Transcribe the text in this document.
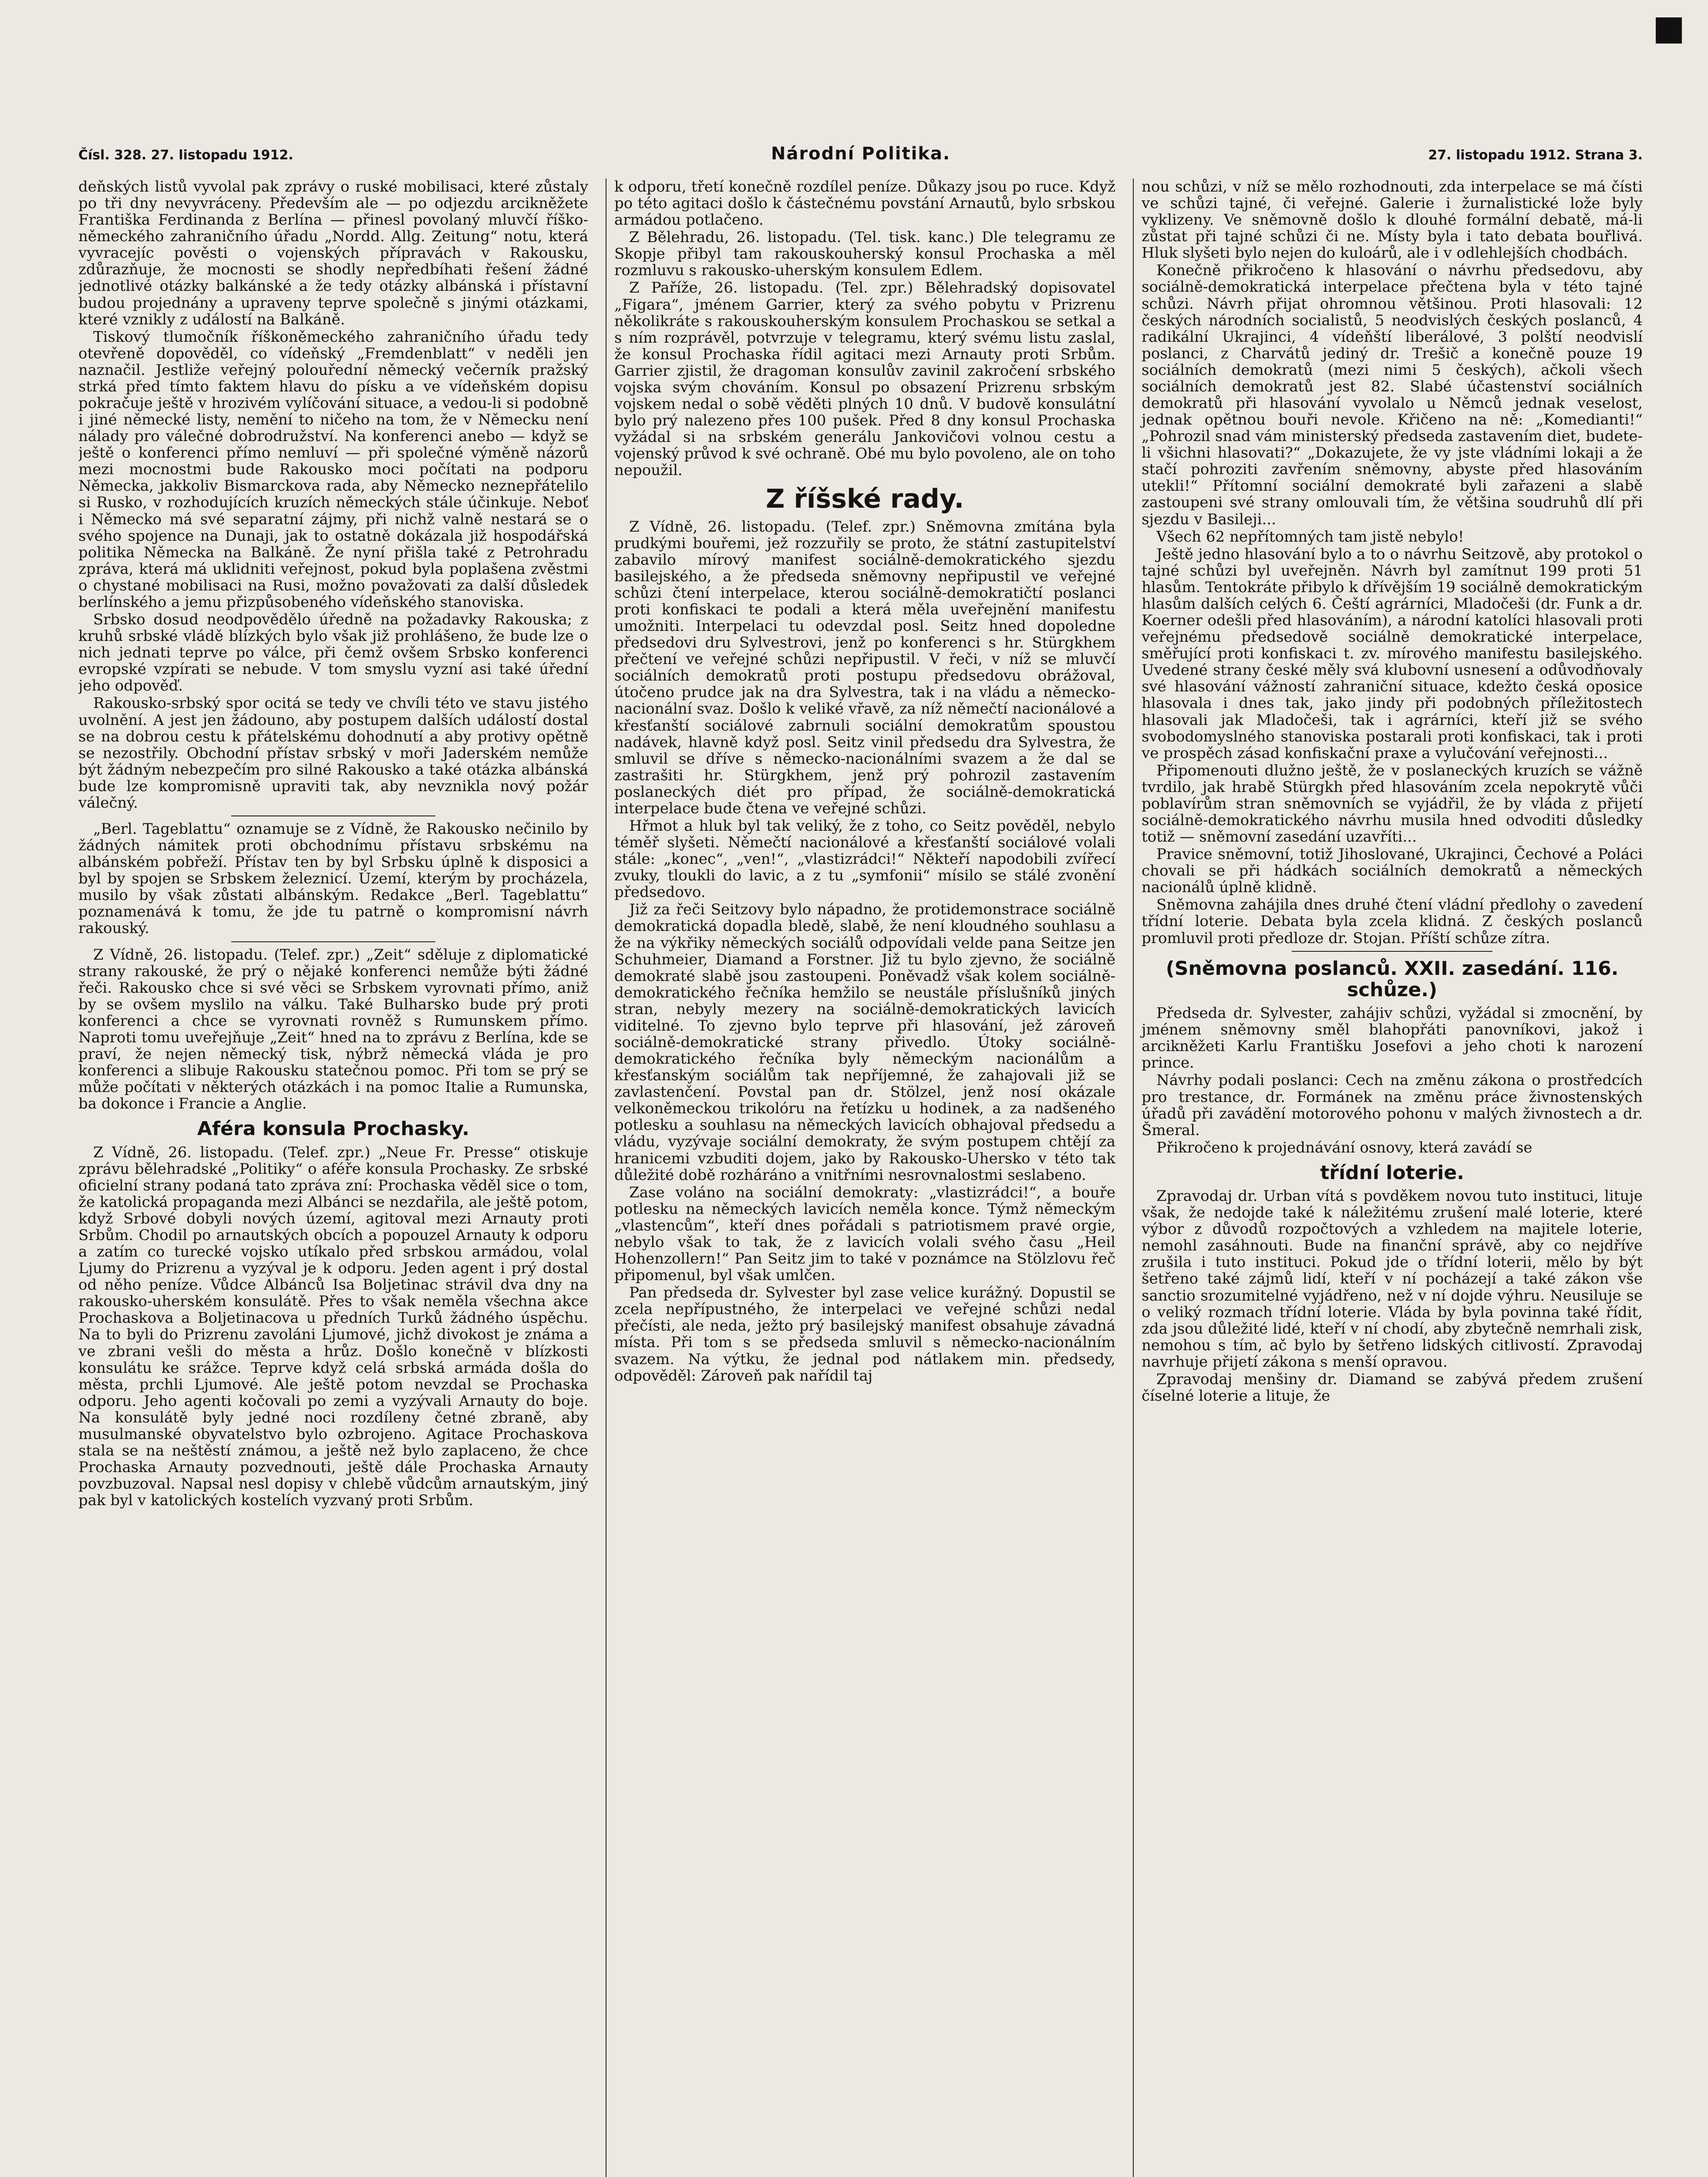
Čísl. 328. 27. listopadu 1912.	Národní Politika.	27. listopadu 1912. Strana 3.

deňských listů vyvolal pak zprávy o ruské mobilisaci, které zůstaly po tři dny nevyvráceny. Především ale — po odjezdu arcikněžete Františka Ferdinanda z Berlína — přinesl povolaný mluvčí říško-německého zahraničního úřadu „Nordd. Allg. Zeitung“ notu, která vyvracejíc pověsti o vojenských přípravách v Rakousku, zdůrazňuje, že mocnosti se shodly nepředbíhati řešení žádné jednotlivé otázky balkánské a že tedy otázky albánská i přístavní budou projednány a upraveny teprve společně s jinými otázkami, které vznikly z událostí na Balkáně.

Tiskový tlumočník říškoněmeckého zahraničního úřadu tedy otevřeně dopověděl, co vídeňský „Fremdenblatt“ v neděli jen naznačil. Jestliže veřejný polouřední německý večerník pražský strká před tímto faktem hlavu do písku a ve vídeňském dopisu pokračuje ještě v hrozivém vylíčování situace, a vedou-li si podobně i jiné německé listy, nemění to ničeho na tom, že v Německu není nálady pro válečné dobrodružství. Na konferenci anebo — když se ještě o konferenci přímo nemluví — při společné výměně názorů mezi mocnostmi bude Rakousko moci počítati na podporu Německa, jakkoliv Bismarckova rada, aby Německo neznepřátelilo si Rusko, v rozhodujících kruzích německých stále účinkuje. Neboť i Německo má své separatní zájmy, při nichž valně nestará se o svého spojence na Dunaji, jak to ostatně dokázala již hospodářská politika Německa na Balkáně. Že nyní přišla také z Petrohradu zpráva, která má uklidniti veřejnost, pokud byla poplašena zvěstmi o chystané mobilisaci na Rusi, možno považovati za další důsledek berlínského a jemu přizpůsobeného vídeňského stanoviska.

Srbsko dosud neodpovědělo úředně na požadavky Rakouska; z kruhů srbské vládě blízkých bylo však již prohlášeno, že bude lze o nich jednati teprve po válce, při čemž ovšem Srbsko konferenci evropské vzpírati se nebude. V tom smyslu vyzní asi také úřední jeho odpověď.

Rakousko-srbský spor ocitá se tedy ve chvíli této ve stavu jistého uvolnění. A jest jen žádouno, aby postupem dalších událostí dostal se na dobrou cestu k přátelskému dohodnutí a aby protivy opětně se nezostřily. Obchodní přístav srbský v moři Jaderském nemůže být žádným nebezpečím pro silné Rakousko a také otázka albánská bude lze kompromisně upraviti tak, aby nevznikla nový požár válečný.

„Berl. Tageblattu“ oznamuje se z Vídně, že Rakousko nečinilo by žádných námitek proti obchodnímu přístavu srbskému na albánském pobřeží. Přístav ten by byl Srbsku úplně k disposici a byl by spojen se Srbskem železnicí. Území, kterým by procházela, musilo by však zůstati albánským. Redakce „Berl. Tageblattu“ poznamenává k tomu, že jde tu patrně o kompromisní návrh rakouský.

Z Vídně, 26. listopadu. (Telef. zpr.) „Zeit“ sděluje z diplomatické strany rakouské, že prý o nějaké konferenci nemůže býti žádné řeči. Rakousko chce si své věci se Srbskem vyrovnati přímo, aniž by se ovšem myslilo na válku. Také Bulharsko bude prý proti konferenci a chce se vyrovnati rovněž s Rumunskem přímo. Naproti tomu uveřejňuje „Zeit“ hned na to zprávu z Berlína, kde se praví, že nejen německý tisk, nýbrž německá vláda je pro konferenci a slibuje Rakousku statečnou pomoc. Při tom se prý se může počítati v některých otázkách i na pomoc Italie a Rumunska, ba dokonce i Francie a Anglie.

Aféra konsula Prochasky.

Z Vídně, 26. listopadu. (Telef. zpr.) „Neue Fr. Presse“ otiskuje zprávu bělehradské „Politiky“ o aféře konsula Prochasky. Ze srbské oficielní strany podaná tato zpráva zní: Prochaska věděl sice o tom, že katolická propaganda mezi Albánci se nezdařila, ale ještě potom, když Srbové dobyli nových území, agitoval mezi Arnauty proti Srbům. Chodil po arnautských obcích a popouzel Arnauty k odporu a zatím co turecké vojsko utíkalo před srbskou armádou, volal Ljumy do Prizrenu a vyzýval je k odporu. Jeden agent i prý dostal od něho peníze. Vůdce Albánců Isa Boljetinac strávil dva dny na rakousko-uherském konsulátě. Přes to však neměla všechna akce Prochaskova a Boljetinacova u předních Turků žádného úspěchu. Na to byli do Prizrenu zavoláni Ljumové, jichž divokost je známa a ve zbrani vešli do města a hrůz. Došlo konečně v blízkosti konsulátu ke srážce. Teprve když celá srbská armáda došla do města, prchli Ljumové. Ale ještě potom nevzdal se Prochaska odporu. Jeho agenti kočovali po zemi a vyzývali Arnauty do boje. Na konsulátě byly jedné noci rozdíleny četné zbraně, aby musulmanské obyvatelstvo bylo ozbrojeno. Agitace Prochaskova stala se na neštěstí známou, a ještě než bylo zaplaceno, že chce Prochaska Arnauty pozvednouti, ještě dále Prochaska Arnauty povzbuzoval. Napsal nesl dopisy v chlebě vůdcům arnautským, jiný pak byl v katolických kostelích vyzvaný proti Srbům.

k odporu, třetí konečně rozdílel peníze. Důkazy jsou po ruce. Když po této agitaci došlo k částečnému povstání Arnautů, bylo srbskou armádou potlačeno.

Z Bělehradu, 26. listopadu. (Tel. tisk. kanc.) Dle telegramu ze Skopje přibyl tam rakouskouherský konsul Prochaska a měl rozmluvu s rakousko-uherským konsulem Edlem.

Z Paříže, 26. listopadu. (Tel. zpr.) Bělehradský dopisovatel „Figara“, jménem Garrier, který za svého pobytu v Prizrenu několikráte s rakouskouherským konsulem Prochaskou se setkal a s ním rozprávěl, potvrzuje v telegramu, který svému listu zaslal, že konsul Prochaska řídil agitaci mezi Arnauty proti Srbům. Garrier zjistil, že dragoman konsulův zavinil zakročení srbského vojska svým chováním. Konsul po obsazení Prizrenu srbským vojskem nedal o sobě věděti plných 10 dnů. V budově konsulátní bylo prý nalezeno přes 100 pušek. Před 8 dny konsul Prochaska vyžádal si na srbském generálu Jankovičovi volnou cestu a vojenský průvod k své ochraně. Obé mu bylo povoleno, ale on toho nepoužil.

Z říšské rady.

Z Vídně, 26. listopadu. (Telef. zpr.) Sněmovna zmítána byla prudkými bouřemi, jež rozzuřily se proto, že státní zastupitelství zabavilo mírový manifest sociálně-demokratického sjezdu basilejského, a že předseda sněmovny nepřipustil ve veřejné schůzi čtení interpelace, kterou sociálně-demokratičtí poslanci proti konfiskaci te podali a která měla uveřejnění manifestu umožniti. Interpelaci tu odevzdal posl. Seitz hned dopoledne předsedovi dru Sylvestrovi, jenž po konferenci s hr. Stürgkhem přečtení ve veřejné schůzi nepřipustil. V řeči, v níž se mluvčí sociálních demokratů proti postupu předsedovu obrážoval, útočeno prudce jak na dra Sylvestra, tak i na vládu a německo-nacionální svaz. Došlo k veliké vřavě, za níž němečtí nacionálové a křesťanští sociálové zabrnuli sociální demokratům spoustou nadávek, hlavně když posl. Seitz vinil předsedu dra Sylvestra, že smluvil se dříve s německo-nacionálními svazem a že dal se zastrašiti hr. Stürgkhem, jenž prý pohrozil zastavením poslaneckých diét pro případ, že sociálně-demokratická interpelace bude čtena ve veřejné schůzi.

Hřmot a hluk byl tak veliký, že z toho, co Seitz pověděl, nebylo téměř slyšeti. Němečtí nacionálové a křesťanští sociálové volali stále: „konec“, „ven!“, „vlastizrádci!“ Někteří napodobili zvířecí zvuky, tloukli do lavic, a z tu „symfonii“ mísilo se stálé zvonění předsedovo.

Již za řeči Seitzovy bylo nápadno, že protidemonstrace sociálně demokratická dopadla bledě, slabě, že není kloudného souhlasu a že na výkřiky německých sociálů odpovídali velde pana Seitze jen Schuhmeier, Diamand a Forstner. Již tu bylo zjevno, že sociálně demokraté slabě jsou zastoupeni. Poněvadž však kolem sociálně-demokratického řečníka hemžilo se neustále příslušníků jiných stran, nebyly mezery na sociálně-demokratických lavicích viditelné. To zjevno bylo teprve při hlasování, jež zároveň sociálně-demokratické strany přivedlo. Útoky sociálně-demokratického řečníka byly německým nacionálům a křesťanským sociálům tak nepříjemné, že zahajovali již se zavlastenčení. Povstal pan dr. Stölzel, jenž nosí okázale velkoněmeckou trikolóru na řetízku u hodinek, a za nadšeného potlesku a souhlasu na německých lavicích obhajoval předsedu a vládu, vyzývaje sociální demokraty, že svým postupem chtějí za hranicemi vzbuditi dojem, jako by Rakousko-Uhersko v této tak důležité době rozháráno a vnitřními nesrovnalostmi seslabeno.

Zase voláno na sociální demokraty: „vlastizrádci!“, a bouře potlesku na německých lavicích neměla konce. Týmž německým „vlastencům“, kteří dnes pořádali s patriotismem pravé orgie, nebylo však to tak, že z lavicích volali svého času „Heil Hohenzollern!“ Pan Seitz jim to také v poznámce na Stölzlovu řeč připomenul, byl však umlčen.

Pan předseda dr. Sylvester byl zase velice kurážný. Dopustil se zcela nepřípustného, že interpelaci ve veřejné schůzi nedal přečísti, ale neda, ježto prý basilejský manifest obsahuje závadná místa. Při tom s se předseda smluvil s německo-nacionálním svazem. Na výtku, že jednal pod nátlakem min. předsedy, odpověděl: Zároveň pak nařídil taj

nou schůzi, v níž se mělo rozhodnouti, zda interpelace se má čísti ve schůzi tajné, či veřejné. Galerie i žurnalistické lože byly vyklizeny. Ve sněmovně došlo k dlouhé formální debatě, má-li zůstat při tajné schůzi či ne. Místy byla i tato debata bouřlivá. Hluk slyšeti bylo nejen do kuloárů, ale i v odlehlejších chodbách.

Konečně přikročeno k hlasování o návrhu předsedovu, aby sociálně-demokratická interpelace přečtena byla v této tajné schůzi. Návrh přijat ohromnou většinou. Proti hlasovali: 12 českých národních socialistů, 5 neodvislých českých poslanců, 4 radikální Ukrajinci, 4 vídeňští liberálové, 3 polští neodvislí poslanci, z Charvátů jediný dr. Trešič a konečně pouze 19 sociálních demokratů (mezi nimi 5 českých), ačkoli všech sociálních demokratů jest 82. Slabé účastenství sociálních demokratů při hlasování vyvolalo u Němců jednak veselost, jednak opětnou bouři nevole. Křičeno na ně: „Komedianti!“ „Pohrozil snad vám ministerský předseda zastavením diet, budete-li všichni hlasovati?“ „Dokazujete, že vy jste vládními lokaji a že stačí pohroziti zavřením sněmovny, abyste před hlasováním utekli!“ Přítomní sociální demokraté byli zařazeni a slabě zastoupeni své strany omlouvali tím, že většina soudruhů dlí při sjezdu v Basileji...

Všech 62 nepřítomných tam jistě nebylo!

Ještě jedno hlasování bylo a to o návrhu Seitzově, aby protokol o tajné schůzi byl uveřejněn. Návrh byl zamítnut 199 proti 51 hlasům. Tentokráte přibylo k dřívějším 19 sociálně demokratickým hlasům dalších celých 6. Čeští agrárníci, Mladočeši (dr. Funk a dr. Koerner odešli před hlasováním), a národní katolíci hlasovali proti veřejnému předsedově sociálně demokratické interpelace, směřující proti konfiskaci t. zv. mírového manifestu basilejského. Uvedené strany české měly svá klubovní usnesení a odůvodňovaly své hlasování vážností zahraniční situace, kdežto česká oposice hlasovala i dnes tak, jako jindy při podobných příležitostech hlasovali jak Mladočeši, tak i agrárníci, kteří již se svého svobodomyslného stanoviska postarali proti konfiskaci, tak i proti ve prospěch zásad konfiskační praxe a vylučování veřejnosti...

Připomenouti dlužno ještě, že v poslaneckých kruzích se vážně tvrdilo, jak hrabě Stürgkh před hlasováním zcela nepokrytě vůči poblavírům stran sněmovních se vyjádřil, že by vláda z přijetí sociálně-demokratického návrhu musila hned odvoditi důsledky totiž — sněmovní zasedání uzavříti...

Pravice sněmovní, totiž Jihoslované, Ukrajinci, Čechové a Poláci chovali se při hádkách sociálních demokratů a německých nacionálů úplně klidně.

Sněmovna zahájila dnes druhé čtení vládní předlohy o zavedení třídní loterie. Debata byla zcela klidná. Z českých poslanců promluvil proti předloze dr. Stojan. Příští schůze zítra.

(Sněmovna poslanců. XXII. zasedání. 116. schůze.)

Předseda dr. Sylvester, zahájiv schůzi, vyžádal si zmocnění, by jménem sněmovny směl blahopřáti panovníkovi, jakož i arcikněžeti Karlu Františku Josefovi a jeho choti k narození prince.

Návrhy podali poslanci: Cech na změnu zákona o prostředcích pro trestance, dr. Formánek na změnu práce živnostenských úřadů při zavádění motorového pohonu v malých živnostech a dr. Šmeral.

Přikročeno k projednávání osnovy, která zavádí se

třídní loterie.

Zpravodaj dr. Urban vítá s povděkem novou tuto instituci, lituje však, že nedojde také k náležitému zrušení malé loterie, které výbor z důvodů rozpočtových a vzhledem na majitele loterie, nemohl zasáhnouti. Bude na finanční správě, aby co nejdříve zrušila i tuto instituci. Pokud jde o třídní loterii, mělo by být šetřeno také zájmů lidí, kteří v ní pocházejí a také zákon vše sanctio srozumitelné vyjádřeno, než v ní dojde výhru. Neusiluje se o veliký rozmach třídní loterie. Vláda by byla povinna také řídit, zda jsou důležité lidé, kteří v ní chodí, aby zbytečně nemrhali zisk, nemohou s tím, ač bylo by šetřeno lidských citlivostí. Zpravodaj navrhuje přijetí zákona s menší opravou.

Zpravodaj menšiny dr. Diamand se zabývá předem zrušení číselné loterie a lituje, že
